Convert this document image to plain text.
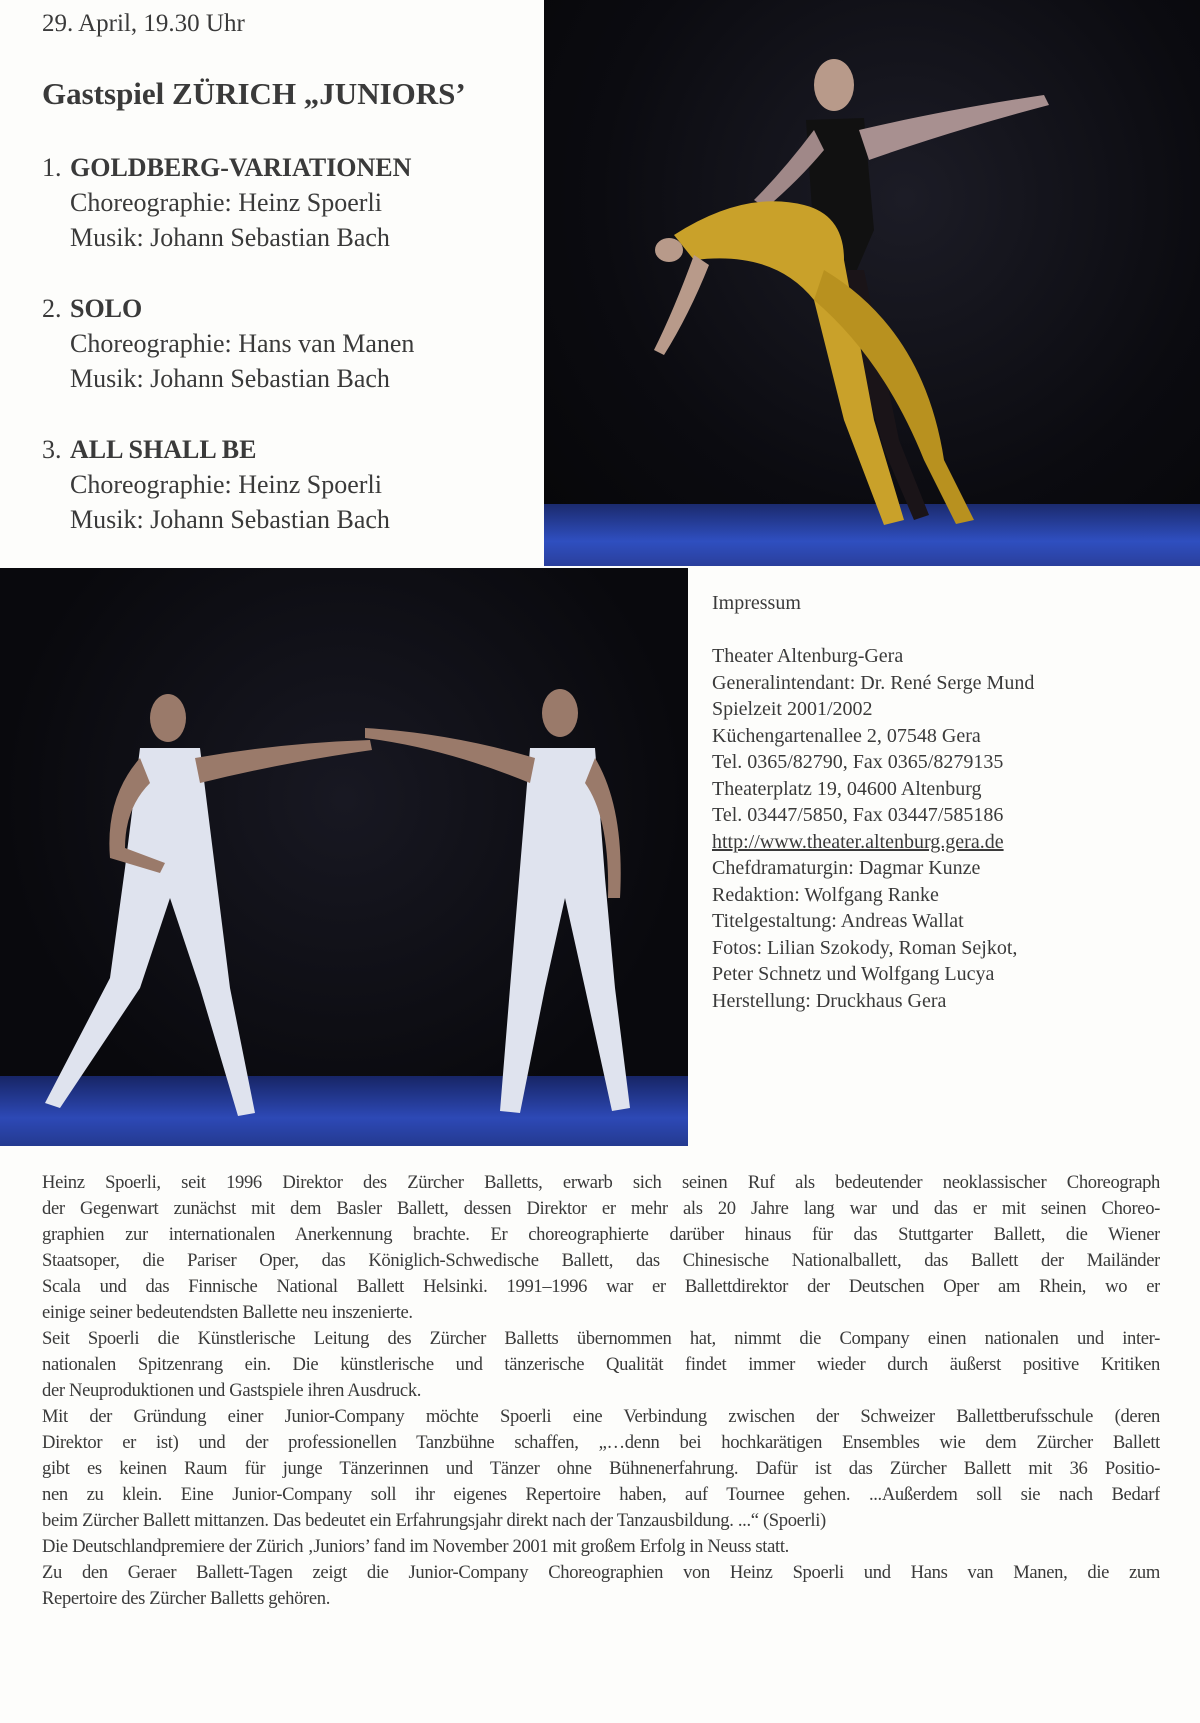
29. April, 19.30 Uhr
Gastspiel ZÜRICH „JUNIORS’
1. GOLDBERG-VARIATIONEN
Choreographie: Heinz Spoerli
Musik: Johann Sebastian Bach
2. SOLO
Choreographie: Hans van Manen
Musik: Johann Sebastian Bach
3. ALL SHALL BE
Choreographie: Heinz Spoerli
Musik: Johann Sebastian Bach
Impressum
Theater Altenburg-Gera
Generalintendant: Dr. René Serge Mund
Spielzeit 2001/2002
Küchengartenallee 2, 07548 Gera
Tel. 0365/82790, Fax 0365/8279135
Theaterplatz 19, 04600 Altenburg
Tel. 03447/5850, Fax 03447/585186
http://www.theater.altenburg.gera.de
Chefdramaturgin: Dagmar Kunze
Redaktion: Wolfgang Ranke
Titelgestaltung: Andreas Wallat
Fotos: Lilian Szokody, Roman Sejkot,
Peter Schnetz und Wolfgang Lucya
Herstellung: Druckhaus Gera
Heinz Spoerli, seit 1996 Direktor des Zürcher Balletts, erwarb sich seinen Ruf als bedeutender neoklassischer Choreograph
der Gegenwart zunächst mit dem Basler Ballett, dessen Direktor er mehr als 20 Jahre lang war und das er mit seinen Choreo-
graphien zur internationalen Anerkennung brachte. Er choreographierte darüber hinaus für das Stuttgarter Ballett, die Wiener
Staatsoper, die Pariser Oper, das Königlich-Schwedische Ballett, das Chinesische Nationalballett, das Ballett der Mailänder
Scala und das Finnische National Ballett Helsinki. 1991–1996 war er Ballettdirektor der Deutschen Oper am Rhein, wo er
einige seiner bedeutendsten Ballette neu inszenierte.
Seit Spoerli die Künstlerische Leitung des Zürcher Balletts übernommen hat, nimmt die Company einen nationalen und inter-
nationalen Spitzenrang ein. Die künstlerische und tänzerische Qualität findet immer wieder durch äußerst positive Kritiken
der Neuproduktionen und Gastspiele ihren Ausdruck.
Mit der Gründung einer Junior-Company möchte Spoerli eine Verbindung zwischen der Schweizer Ballettberufsschule (deren
Direktor er ist) und der professionellen Tanzbühne schaffen, „…denn bei hochkarätigen Ensembles wie dem Zürcher Ballett
gibt es keinen Raum für junge Tänzerinnen und Tänzer ohne Bühnenerfahrung. Dafür ist das Zürcher Ballett mit 36 Positio-
nen zu klein. Eine Junior-Company soll ihr eigenes Repertoire haben, auf Tournee gehen. ...Außerdem soll sie nach Bedarf
beim Zürcher Ballett mittanzen. Das bedeutet ein Erfahrungsjahr direkt nach der Tanzausbildung. ...“ (Spoerli)
Die Deutschlandpremiere der Zürich ‚Juniors’ fand im November 2001 mit großem Erfolg in Neuss statt.
Zu den Geraer Ballett-Tagen zeigt die Junior-Company Choreographien von Heinz Spoerli und Hans van Manen, die zum
Repertoire des Zürcher Balletts gehören.
